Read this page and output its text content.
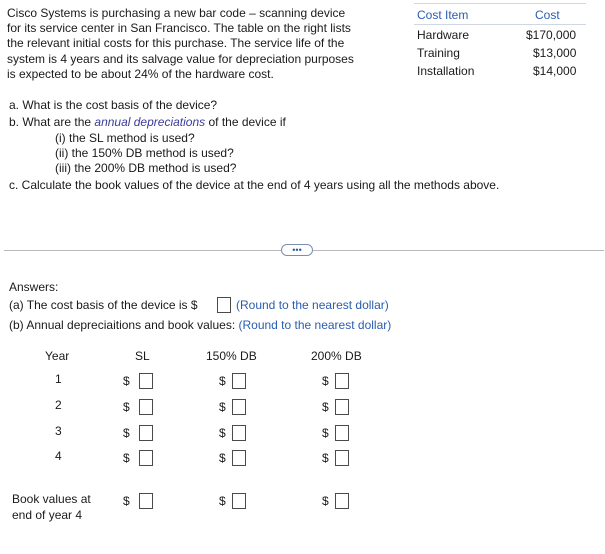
Cisco Systems is purchasing a new bar code – scanning device
for its service center in San Francisco. The table on the right lists
the relevant initial costs for this purchase. The service life of the
system is 4 years and its salvage value for depreciation purposes
is expected to be about 24% of the hardware cost.
a. What is the cost basis of the device?
b. What are the annual depreciations of the device if
(i) the SL method is used?
(ii) the 150% DB method is used?
(iii) the 200% DB method is used?
c. Calculate the book values of the device at the end of 4 years using all the methods above.
Cost Item	Cost
Hardware	$170,000
Training	$13,000
Installation	$14,000
•••
Answers:
(a) The cost basis of the device is $	(Round to the nearest dollar)
(b) Annual depreciaitions and book values: (Round to the nearest dollar)
Year	SL	150% DB	200% DB
1	$	$	$
2	$	$	$
3	$	$	$
4	$	$	$
Book values at
end of year 4
$	$	$
